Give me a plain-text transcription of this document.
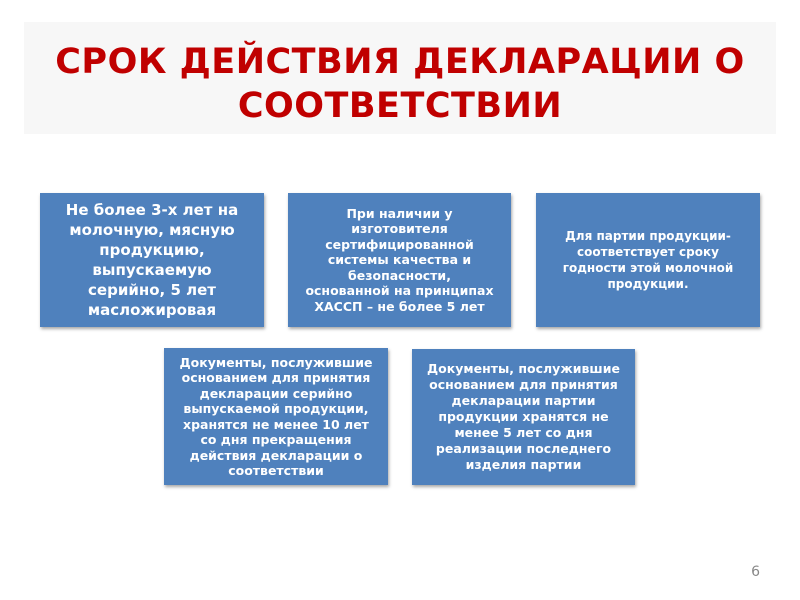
СРОК ДЕЙСТВИЯ ДЕКЛАРАЦИИ О
СООТВЕТСТВИИ
Не более 3-х лет на
молочную, мясную
продукцию,
выпускаемую
серийно, 5 лет
масложировая
При наличии у
изготовителя
сертифицированной
системы качества и
безопасности,
основанной на принципах
ХАССП – не более 5 лет
Для партии продукции-
соответствует сроку
годности этой молочной
продукции.
Документы, послужившие
основанием для принятия
декларации серийно
выпускаемой продукции,
хранятся не менее 10 лет
со дня прекращения
действия декларации о
соответствии
Документы, послужившие
основанием для принятия
декларации партии
продукции хранятся не
менее 5 лет со дня
реализации последнего
изделия партии
6
